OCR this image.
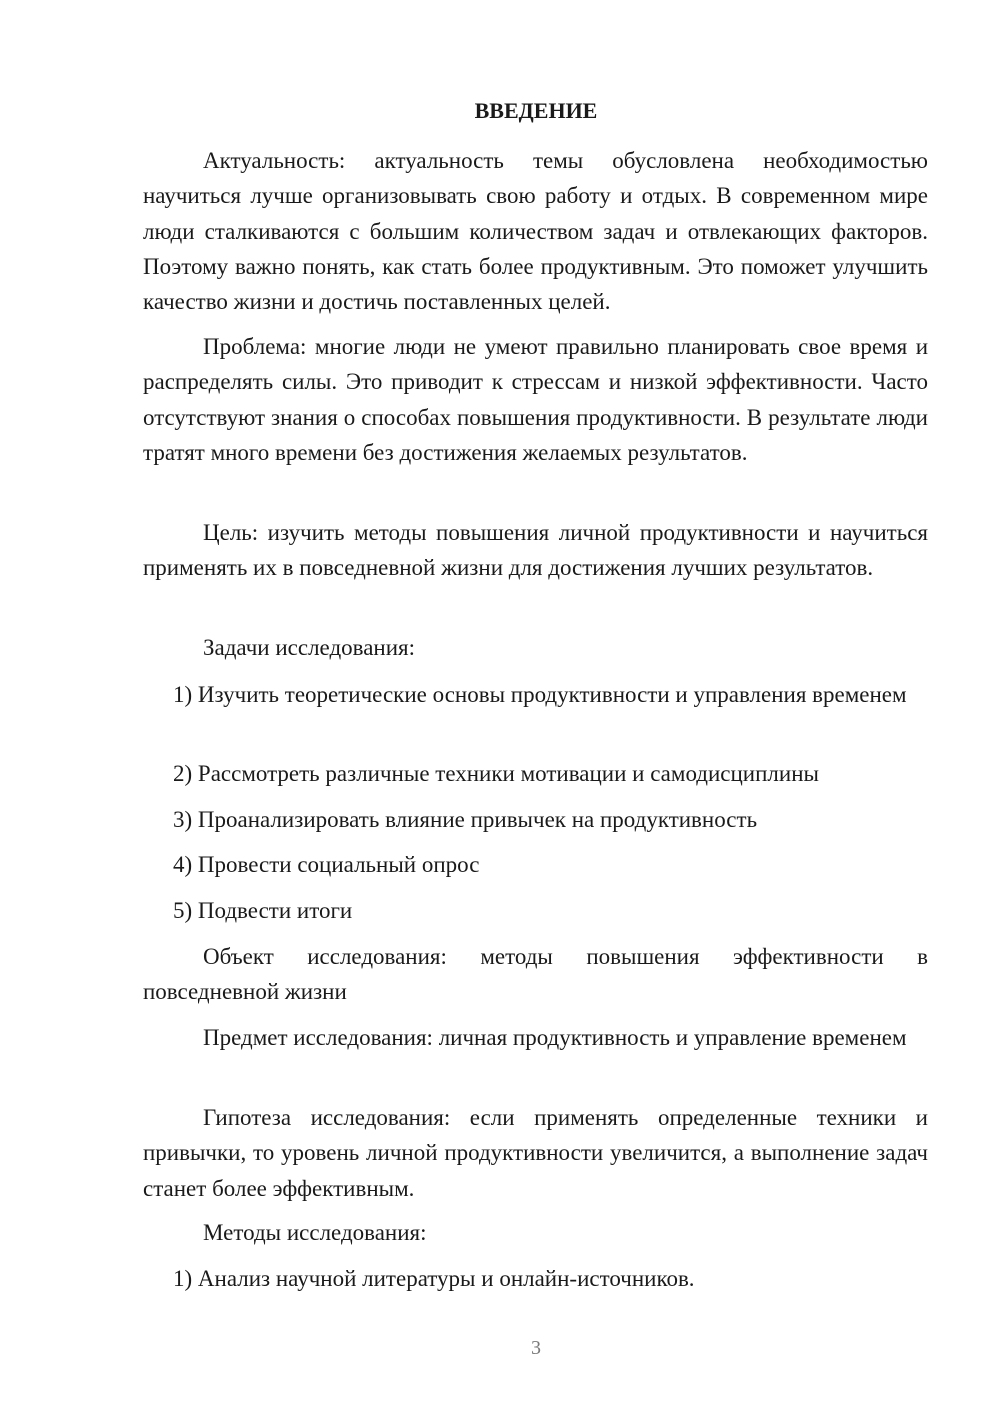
ВВЕДЕНИЕ

Актуальность: актуальность темы обусловлена необходимостью научиться лучше организовывать свою работу и отдых. В современном мире люди сталкиваются с большим количеством задач и отвлекающих факторов. Поэтому важно понять, как стать более продуктивным. Это поможет улучшить качество жизни и достичь поставленных целей.

Проблема: многие люди не умеют правильно планировать свое время и распределять силы. Это приводит к стрессам и низкой эффективности. Часто отсутствуют знания о способах повышения продуктивности. В результате люди тратят много времени без достижения желаемых результатов.

Цель: изучить методы повышения личной продуктивности и научиться применять их в повседневной жизни для достижения лучших результатов.

Задачи исследования:

1) Изучить теоретические основы продуктивности и управления временем

2) Рассмотреть различные техники мотивации и самодисциплины

3) Проанализировать влияние привычек на продуктивность

4) Провести социальный опрос

5) Подвести итоги

Объект исследования: методы повышения эффективности в повседневной жизни

Предмет исследования: личная продуктивность и управление временем

Гипотеза исследования: если применять определенные техники и привычки, то уровень личной продуктивности увеличится, а выполнение задач станет более эффективным.

Методы исследования:

1) Анализ научной литературы и онлайн-источников.

3
